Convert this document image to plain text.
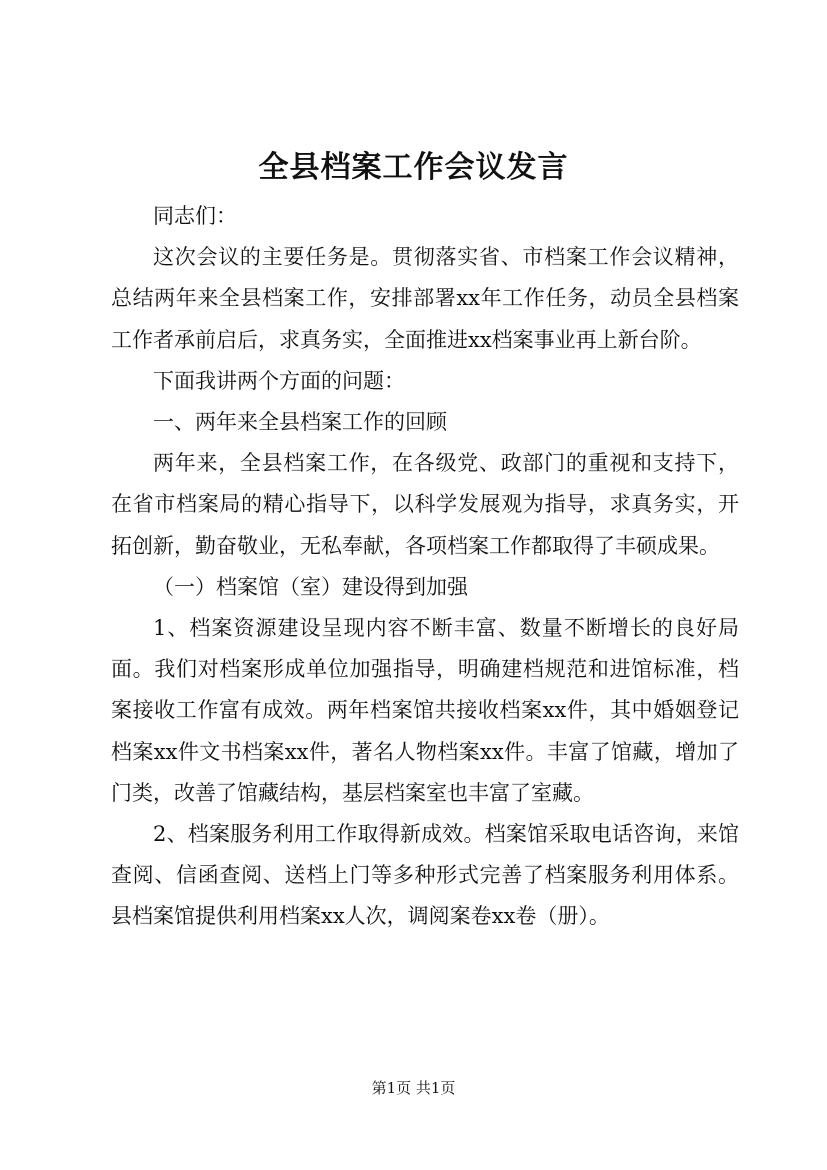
全县档案工作会议发言

同志们：

这次会议的主要任务是。贯彻落实省、市档案工作会议精神，总结两年来全县档案工作，安排部署xx年工作任务，动员全县档案工作者承前启后，求真务实，全面推进xx档案事业再上新台阶。

下面我讲两个方面的问题：

一、两年来全县档案工作的回顾

两年来，全县档案工作，在各级党、政部门的重视和支持下，在省市档案局的精心指导下，以科学发展观为指导，求真务实，开拓创新，勤奋敬业，无私奉献，各项档案工作都取得了丰硕成果。

（一）档案馆（室）建设得到加强

1、档案资源建设呈现内容不断丰富、数量不断增长的良好局面。我们对档案形成单位加强指导，明确建档规范和进馆标准，档案接收工作富有成效。两年档案馆共接收档案xx件，其中婚姻登记档案xx件文书档案xx件，著名人物档案xx件。丰富了馆藏，增加了门类，改善了馆藏结构，基层档案室也丰富了室藏。

2、档案服务利用工作取得新成效。档案馆采取电话咨询，来馆查阅、信函查阅、送档上门等多种形式完善了档案服务利用体系。县档案馆提供利用档案xx人次，调阅案卷xx卷（册）。

第1页 共1页
